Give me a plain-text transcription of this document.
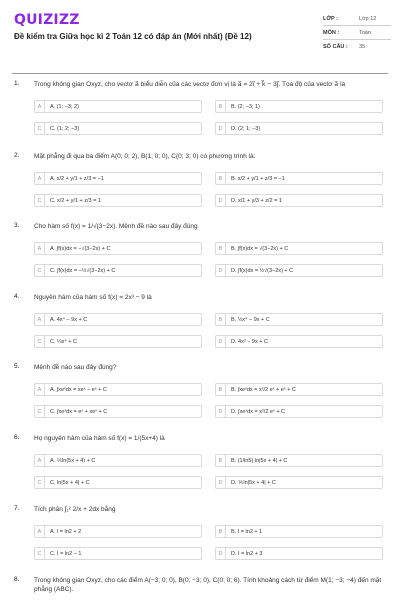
QUIZIZZ
Đề kiểm tra Giữa học kì 2 Toán 12 có đáp án (Mới nhất) (Đề 12)
LỚP :	Lớp 12
MÔN :	Toán
SỐ CÂU :	35
1. Trong không gian Oxyz, cho vectơ a⃗ biểu diễn của các vectơ đơn vị là a⃗ = 2i⃗ + k⃗ − 3j⃗. Tọa độ của vectơ a⃗ là
A	A. (1; −3; 2)	B	B. (2; −3; 1)
C	C. (1; 2; −3)	D	D. (2; 1; −3)
2. Mặt phẳng đi qua ba điểm A(0; 0; 2), B(1; 0; 0), C(0; 3; 0) có phương trình là:
A	A. x/2 + y/1 + z/3 = −1	B	B. x/2 + y/1 + z/3 = −1
C	C. x/2 + y/1 + z/3 = 1	D	D. x/1 + y/3 + z/2 = 1
3. Cho hàm số f(x) = 1/√(3−2x). Mệnh đề nào sau đây đúng
A	A. ∫f(x)dx = −√(3−2x) + C	B	B. ∫f(x)dx = √(3−2x) + C
C	C. ∫f(x)dx = −½√(3−2x) + C	D	D. ∫f(x)dx = ½√(3−2x) + C
4. Nguyên hàm của hàm số f(x) = 2x³ − 9 là
A	A. 4x⁴ − 9x + C	B	B. ½x⁴ − 9x + C
C	C. ¼x⁴ + C	D	D. 4x³ − 9x + C
5. Mệnh đề nào sau đây đúng?
A	A. ∫xeˣdx = xeˣ − eˣ + C	B	B. ∫xeˣdx = x²/2 eˣ + eˣ + C
C	C. ∫xeˣdx = eˣ + xeˣ + C	D	D. ∫xeˣdx = x²/2 eˣ + C
6. Họ nguyên hàm của hàm số f(x) = 1/(5x+4) là
A	A. ⅕ln(5x + 4) + C	B	B. (1/ln5) ln|5x + 4| + C
C	C. ln|5x + 4| + C	D	D. ⅕ln|5x + 4| + C
7. Tích phân ∫₁² 2/x + 2dx bằng
A	A. I = ln2 + 2	B	B. I = ln2 + 1
C	C. I = ln2 − 1	D	D. I = ln2 + 3
8. Trong không gian Oxyz, cho các điểm A(−3; 0; 0), B(0; −3; 0), C(0; 0; 6). Tính khoảng cách từ điểm M(1; −3; −4) đến mặt phẳng (ABC).
